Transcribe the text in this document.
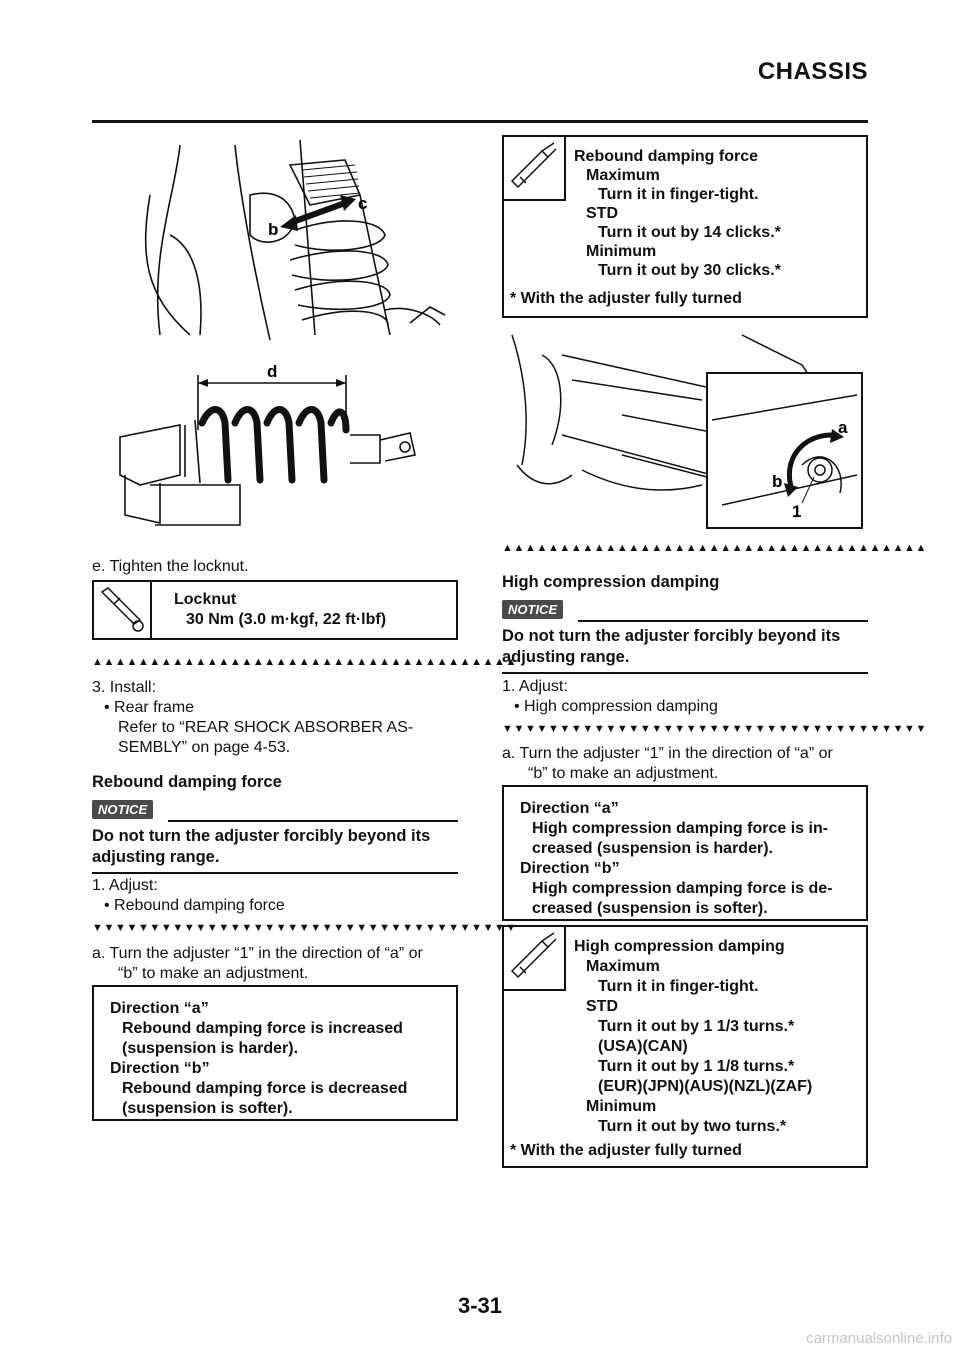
CHASSIS
b
c
d
e. Tighten the locknut.
Locknut
30 Nm (3.0 m·kgf, 22 ft·lbf)
▲▲▲▲▲▲▲▲▲▲▲▲▲▲▲▲▲▲▲▲▲▲▲▲▲▲▲▲▲▲▲▲▲▲▲▲▲
3. Install:
• Rear frame
Refer to “REAR SHOCK ABSORBER AS-
SEMBLY” on page 4-53.
Rebound damping force
NOTICE
Do not turn the adjuster forcibly beyond its
adjusting range.
1. Adjust:
• Rebound damping force
▼▼▼▼▼▼▼▼▼▼▼▼▼▼▼▼▼▼▼▼▼▼▼▼▼▼▼▼▼▼▼▼▼▼▼▼▼
a. Turn the adjuster “1” in the direction of “a” or
“b” to make an adjustment.
Direction “a”
Rebound damping force is increased
(suspension is harder).
Direction “b”
Rebound damping force is decreased
(suspension is softer).
Rebound damping force
Maximum
Turn it in finger-tight.
STD
Turn it out by 14 clicks.*
Minimum
Turn it out by 30 clicks.*
* With the adjuster fully turned
a
b
1
▲▲▲▲▲▲▲▲▲▲▲▲▲▲▲▲▲▲▲▲▲▲▲▲▲▲▲▲▲▲▲▲▲▲▲▲▲
High compression damping
NOTICE
Do not turn the adjuster forcibly beyond its
adjusting range.
1. Adjust:
• High compression damping
▼▼▼▼▼▼▼▼▼▼▼▼▼▼▼▼▼▼▼▼▼▼▼▼▼▼▼▼▼▼▼▼▼▼▼▼▼
a. Turn the adjuster “1” in the direction of “a” or
“b” to make an adjustment.
Direction “a”
High compression damping force is in-
creased (suspension is harder).
Direction “b”
High compression damping force is de-
creased (suspension is softer).
High compression damping
Maximum
Turn it in finger-tight.
STD
Turn it out by 1 1/3 turns.*
(USA)(CAN)
Turn it out by 1 1/8 turns.*
(EUR)(JPN)(AUS)(NZL)(ZAF)
Minimum
Turn it out by two turns.*
* With the adjuster fully turned
3-31
carmanualsonline.info
